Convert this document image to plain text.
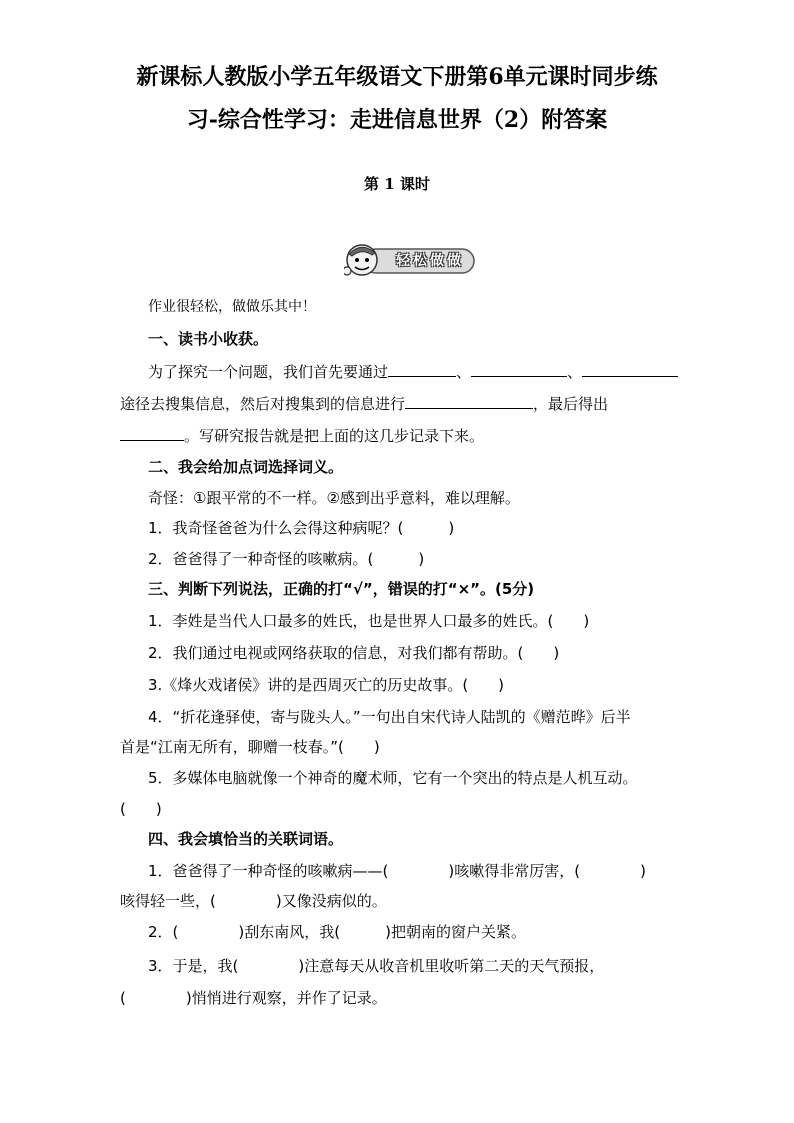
新课标人教版小学五年级语文下册第6单元课时同步练
习-综合性学习：走进信息世界（2）附答案
第 1 课时
轻松做做
作业很轻松，做做乐其中！
一、读书小收获。
为了探究一个问题，我们首先要通过	、	、
途径去搜集信息，然后对搜集到的信息进行	，最后得出
。写研究报告就是把上面的这几步记录下来。
二、我会给加点词选择词义。
奇怪：①跟平常的不一样。②感到出乎意料，难以理解。
1．我奇怪爸爸为什么会得这种病呢？(　　　)
2．爸爸得了一种奇怪的咳嗽病。(　　　)
三、判断下列说法，正确的打“√”，错误的打“×”。(5分)
1．李姓是当代人口最多的姓氏，也是世界人口最多的姓氏。(　　)
2．我们通过电视或网络获取的信息，对我们都有帮助。(　　)
3.《烽火戏诸侯》讲的是西周灭亡的历史故事。(　　)
4．“折花逢驿使，寄与陇头人。”一句出自宋代诗人陆凯的《赠范晔》后半
首是“江南无所有，聊赠一枝春。”(　　)
5．多媒体电脑就像一个神奇的魔术师，它有一个突出的特点是人机互动。
(　　)
四、我会填恰当的关联词语。
1．爸爸得了一种奇怪的咳嗽病——(　　　　)咳嗽得非常厉害，(　　　　)
咳得轻一些，(　　　　)又像没病似的。
2．(　　　　)刮东南风，我(　　　)把朝南的窗户关紧。
3．于是，我(　　　　)注意每天从收音机里收听第二天的天气预报，
(　　　　)悄悄进行观察，并作了记录。
